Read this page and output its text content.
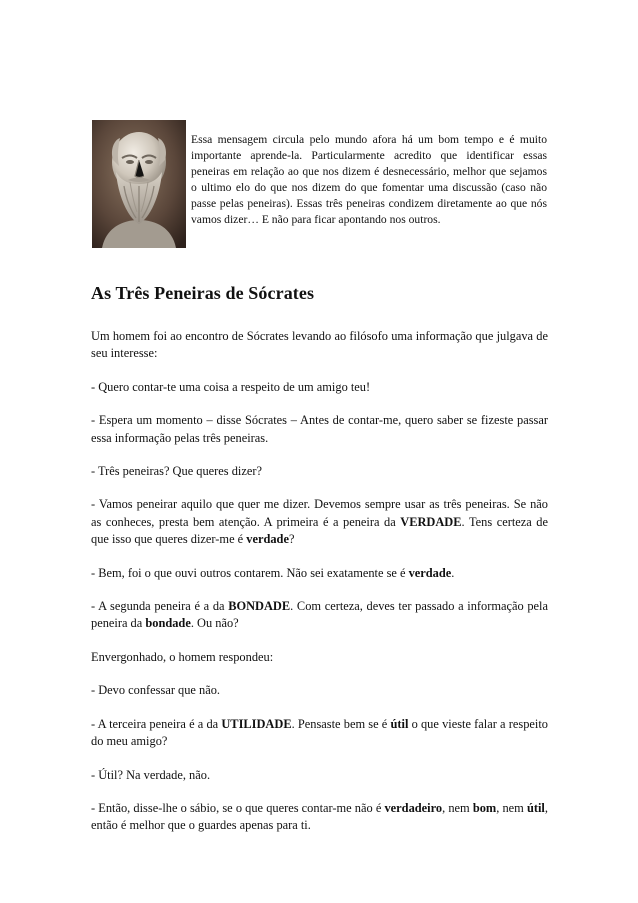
Essa mensagem circula pelo mundo afora há um bom tempo e é muito importante aprende-la. Particularmente acredito que identificar essas peneiras em relação ao que nos dizem é desnecessário, melhor que sejamos o ultimo elo do que nos dizem do que fomentar uma discussão (caso não passe pelas peneiras). Essas três peneiras condizem diretamente ao que nós vamos dizer… E não para ficar apontando nos outros.

As Três Peneiras de Sócrates

Um homem foi ao encontro de Sócrates levando ao filósofo uma informação que julgava de seu interesse:

- Quero contar-te uma coisa a respeito de um amigo teu!

- Espera um momento – disse Sócrates – Antes de contar-me, quero saber se fizeste passar essa informação pelas três peneiras.

- Três peneiras? Que queres dizer?

- Vamos peneirar aquilo que quer me dizer. Devemos sempre usar as três peneiras. Se não as conheces, presta bem atenção. A primeira é a peneira da VERDADE. Tens certeza de que isso que queres dizer-me é verdade?

- Bem, foi o que ouvi outros contarem. Não sei exatamente se é verdade.

- A segunda peneira é a da BONDADE. Com certeza, deves ter passado a informação pela peneira da bondade. Ou não?

Envergonhado, o homem respondeu:

- Devo confessar que não.

- A terceira peneira é a da UTILIDADE. Pensaste bem se é útil o que vieste falar a respeito do meu amigo?

- Útil? Na verdade, não.

- Então, disse-lhe o sábio, se o que queres contar-me não é verdadeiro, nem bom, nem útil, então é melhor que o guardes apenas para ti.
